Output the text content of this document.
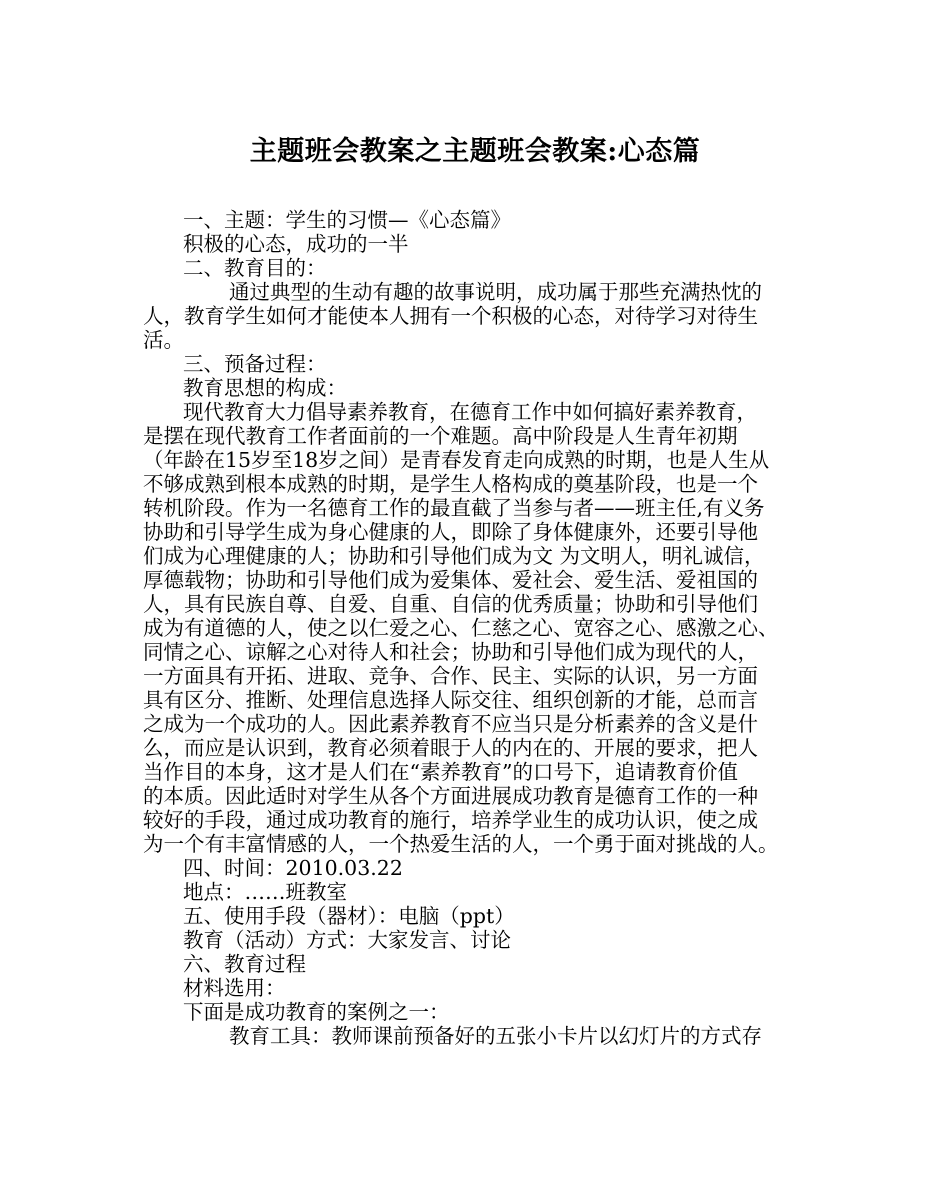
主题班会教案之主题班会教案:心态篇
一、主题：学生的习惯—《心态篇》
积极的心态，成功的一半
二、教育目的：
通过典型的生动有趣的故事说明，成功属于那些充满热忱的
人，教育学生如何才能使本人拥有一个积极的心态，对待学习对待生
活。
三、预备过程：
教育思想的构成：
现代教育大力倡导素养教育，在德育工作中如何搞好素养教育，
是摆在现代教育工作者面前的一个难题。高中阶段是人生青年初期
（年龄在15岁至18岁之间）是青春发育走向成熟的时期，也是人生从
不够成熟到根本成熟的时期，是学生人格构成的奠基阶段，也是一个
转机阶段。作为一名德育工作的最直截了当参与者——班主任,有义务
协助和引导学生成为身心健康的人，即除了身体健康外，还要引导他
们成为心理健康的人；协助和引导他们成为文 为文明人，明礼诚信，
厚德载物；协助和引导他们成为爱集体、爱社会、爱生活、爱祖国的
人，具有民族自尊、自爱、自重、自信的优秀质量；协助和引导他们
成为有道德的人，使之以仁爱之心、仁慈之心、宽容之心、感激之心、
同情之心、谅解之心对待人和社会；协助和引导他们成为现代的人，
一方面具有开拓、进取、竞争、合作、民主、实际的认识，另一方面
具有区分、推断、处理信息选择人际交往、组织创新的才能，总而言
之成为一个成功的人。因此素养教育不应当只是分析素养的含义是什
么，而应是认识到，教育必须着眼于人的内在的、开展的要求，把人
当作目的本身，这才是人们在“素养教育”的口号下，追请教育价值
的本质。因此适时对学生从各个方面进展成功教育是德育工作的一种
较好的手段，通过成功教育的施行，培养学业生的成功认识，使之成
为一个有丰富情感的人，一个热爱生活的人，一个勇于面对挑战的人。
四、时间：2010.03.22
地点：……班教室
五、使用手段（器材）：电脑（ppt）
教育（活动）方式：大家发言、讨论
六、教育过程
材料选用：
下面是成功教育的案例之一：
教育工具：教师课前预备好的五张小卡片以幻灯片的方式存
